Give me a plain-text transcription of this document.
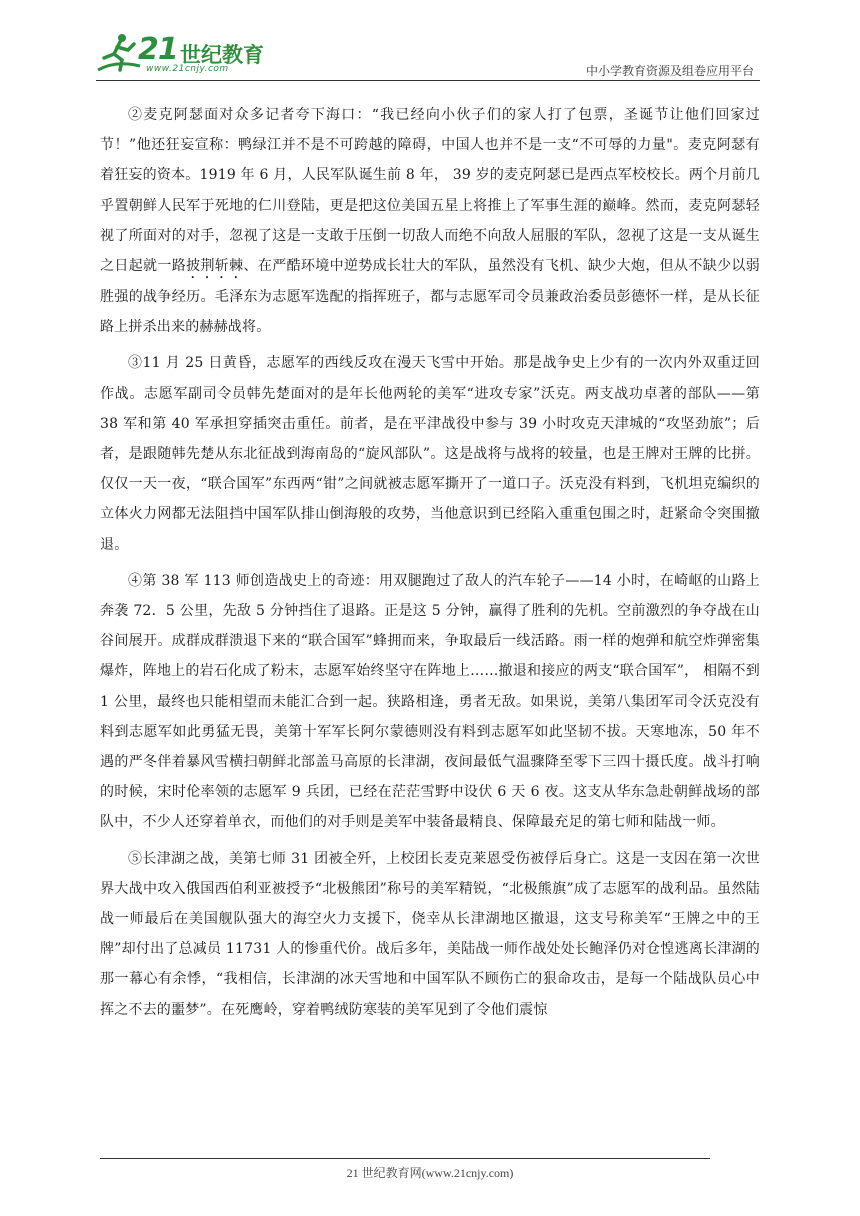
21 世纪教育
www.21cnjy.com	中小学教育资源及组卷应用平台

②麦克阿瑟面对众多记者夸下海口：“我已经向小伙子们的家人打了包票，圣诞节让他们回家过节！”他还狂妄宣称：鸭绿江并不是不可跨越的障碍，中国人也并不是一支“不可辱的力量"。麦克阿瑟有着狂妄的资本。1919 年 6 月，人民军队诞生前 8 年， 39 岁的麦克阿瑟已是西点军校校长。两个月前几乎置朝鲜人民军于死地的仁川登陆，更是把这位美国五星上将推上了军事生涯的巅峰。然而，麦克阿瑟轻视了所面对的对手，忽视了这是一支敢于压倒一切敌人而绝不向敌人屈服的军队，忽视了这是一支从诞生之日起就一路披荆斩棘、在严酷环境中逆势成长壮大的军队，虽然没有飞机、缺少大炮，但从不缺少以弱胜强的战争经历。毛泽东为志愿军选配的指挥班子，都与志愿军司令员兼政治委员彭德怀一样，是从长征路上拼杀出来的赫赫战将。

③11 月 25 日黄昏，志愿军的西线反攻在漫天飞雪中开始。那是战争史上少有的一次内外双重迂回作战。志愿军副司令员韩先楚面对的是年长他两轮的美军“进攻专家”沃克。两支战功卓著的部队——第 38 军和第 40 军承担穿插突击重任。前者，是在平津战役中参与 39 小时攻克天津城的“攻坚劲旅”；后者，是跟随韩先楚从东北征战到海南岛的“旋风部队”。这是战将与战将的较量，也是王牌对王牌的比拼。仅仅一天一夜，“联合国军”东西两“钳”之间就被志愿军撕开了一道口子。沃克没有料到，飞机坦克编织的立体火力网都无法阻挡中国军队排山倒海般的攻势，当他意识到已经陷入重重包围之时，赶紧命令突围撤退。

④第 38 军 113 师创造战史上的奇迹：用双腿跑过了敌人的汽车轮子——14 小时，在崎岖的山路上奔袭 72．5 公里，先敌 5 分钟挡住了退路。正是这 5 分钟，赢得了胜利的先机。空前激烈的争夺战在山谷间展开。成群成群溃退下来的“联合国军”蜂拥而来，争取最后一线活路。雨一样的炮弹和航空炸弹密集爆炸，阵地上的岩石化成了粉末，志愿军始终坚守在阵地上……撤退和接应的两支“联合国军”， 相隔不到 1 公里，最终也只能相望而未能汇合到一起。狭路相逢，勇者无敌。如果说，美第八集团军司令沃克没有料到志愿军如此勇猛无畏，美第十军军长阿尔蒙德则没有料到志愿军如此坚韧不拔。天寒地冻，50 年不遇的严冬伴着暴风雪横扫朝鲜北部盖马高原的长津湖，夜间最低气温骤降至零下三四十摄氏度。战斗打响的时候，宋时伦率领的志愿军 9 兵团，已经在茫茫雪野中设伏 6 天 6 夜。这支从华东急赴朝鲜战场的部队中，不少人还穿着单衣，而他们的对手则是美军中装备最精良、保障最充足的第七师和陆战一师。

⑤长津湖之战，美第七师 31 团被全歼，上校团长麦克莱恩受伤被俘后身亡。这是一支因在第一次世界大战中攻入俄国西伯利亚被授予“北极熊团”称号的美军精锐，“北极熊旗”成了志愿军的战利品。虽然陆战一师最后在美国舰队强大的海空火力支援下，侥幸从长津湖地区撤退，这支号称美军“王牌之中的王牌”却付出了总减员 11731 人的惨重代价。战后多年，美陆战一师作战处处长鲍泽仍对仓惶逃离长津湖的那一幕心有余悸，“我相信，长津湖的冰天雪地和中国军队不顾伤亡的狠命攻击，是每一个陆战队员心中挥之不去的噩梦”。在死鹰岭，穿着鸭绒防寒装的美军见到了令他们震惊

21 世纪教育网(www.21cnjy.com)
